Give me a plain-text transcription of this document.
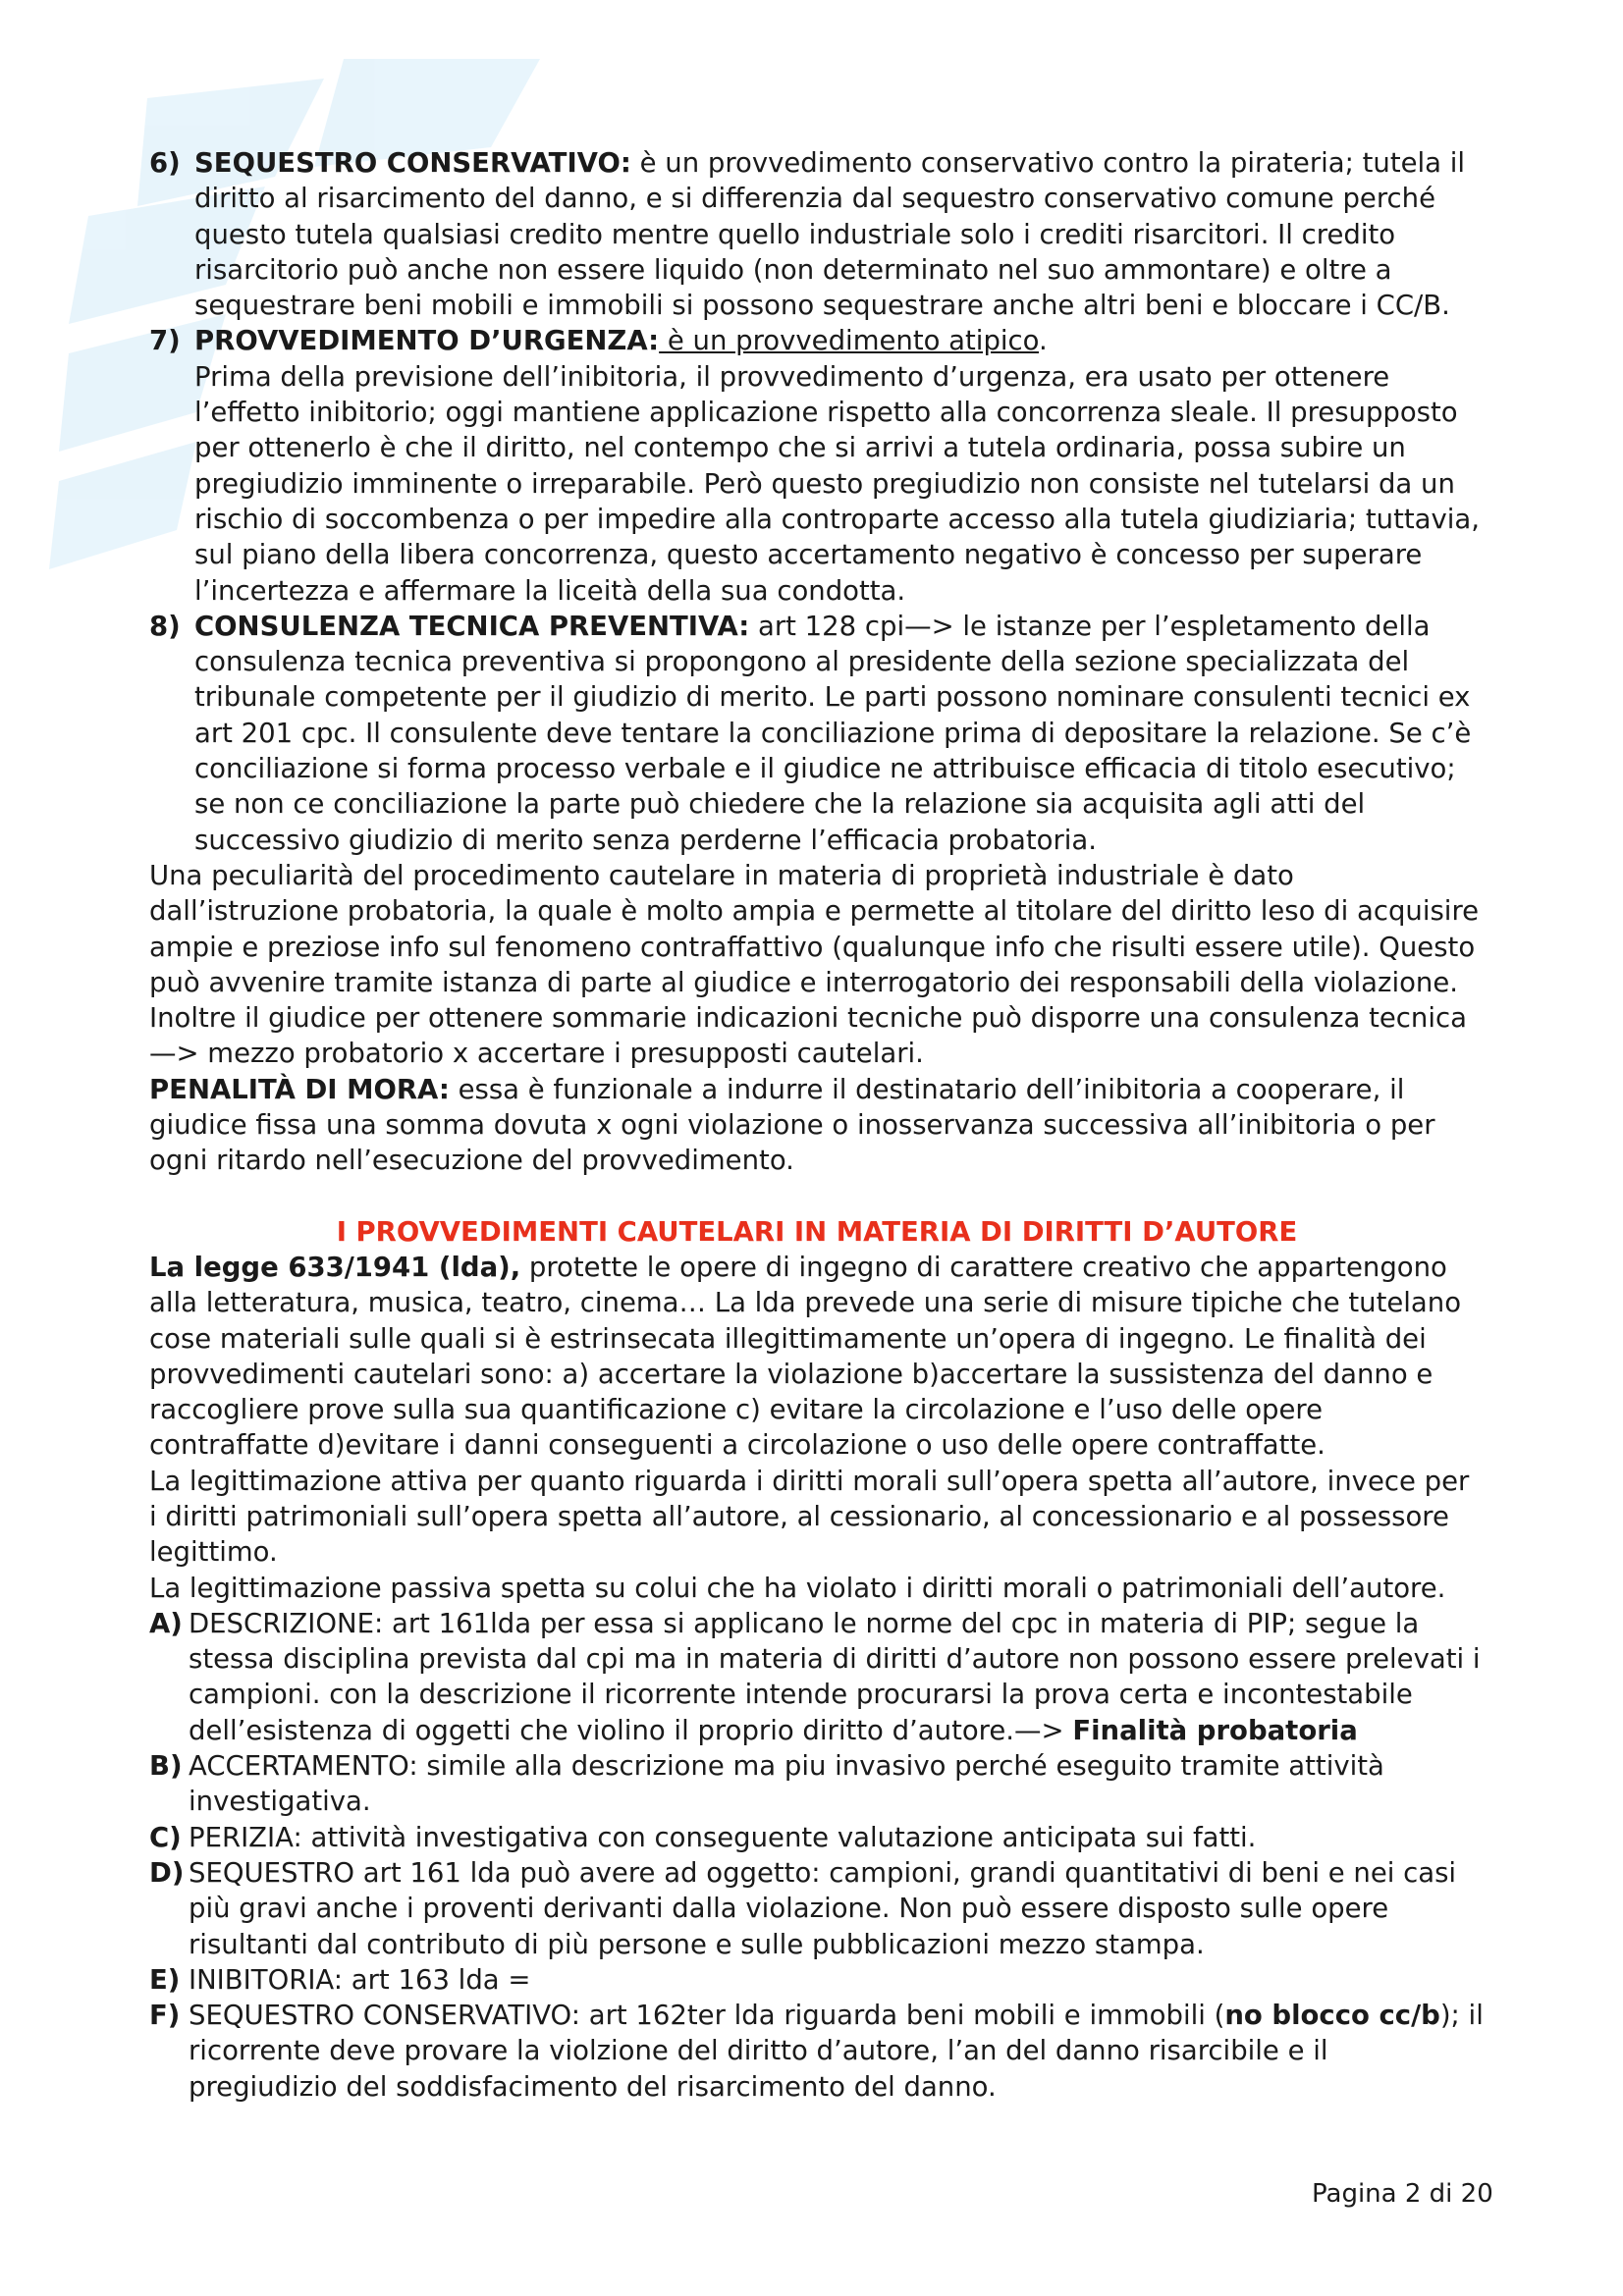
6) SEQUESTRO CONSERVATIVO: è un provvedimento conservativo contro la pirateria; tutela il diritto al risarcimento del danno, e si differenzia dal sequestro conservativo comune perché questo tutela qualsiasi credito mentre quello industriale solo i crediti risarcitori. Il credito risarcitorio può anche non essere liquido (non determinato nel suo ammontare) e oltre a sequestrare beni mobili e immobili si possono sequestrare anche altri beni e bloccare i CC/B.

7) PROVVEDIMENTO D’URGENZA: è un provvedimento atipico.

Prima della previsione dell’inibitoria, il provvedimento d’urgenza, era usato per ottenere l’effetto inibitorio; oggi mantiene applicazione rispetto alla concorrenza sleale. Il presupposto per ottenerlo è che il diritto, nel contempo che si arrivi a tutela ordinaria, possa subire un pregiudizio imminente o irreparabile. Però questo pregiudizio non consiste nel tutelarsi da un rischio di soccombenza o per impedire alla controparte accesso alla tutela giudiziaria; tuttavia, sul piano della libera concorrenza, questo accertamento negativo è concesso per superare l’incertezza e affermare la liceità della sua condotta.

8) CONSULENZA TECNICA PREVENTIVA: art 128 cpi—> le istanze per l’espletamento della consulenza tecnica preventiva si propongono al presidente della sezione specializzata del tribunale competente per il giudizio di merito. Le parti possono nominare consulenti tecnici ex art 201 cpc. Il consulente deve tentare la conciliazione prima di depositare la relazione. Se c’è conciliazione si forma processo verbale e il giudice ne attribuisce efficacia di titolo esecutivo; se non ce conciliazione la parte può chiedere che la relazione sia acquisita agli atti del successivo giudizio di merito senza perderne l’efficacia probatoria.

Una peculiarità del procedimento cautelare in materia di proprietà industriale è dato dall’istruzione probatoria, la quale è molto ampia e permette al titolare del diritto leso di acquisire ampie e preziose info sul fenomeno contraffattivo (qualunque info che risulti essere utile). Questo può avvenire tramite istanza di parte al giudice e interrogatorio dei responsabili della violazione. Inoltre il giudice per ottenere sommarie indicazioni tecniche può disporre una consulenza tecnica—> mezzo probatorio x accertare i presupposti cautelari.

PENALITÀ DI MORA: essa è funzionale a indurre il destinatario dell’inibitoria a cooperare, il giudice fissa una somma dovuta x ogni violazione o inosservanza successiva all’inibitoria o per ogni ritardo nell’esecuzione del provvedimento.

I PROVVEDIMENTI CAUTELARI IN MATERIA DI DIRITTI D’AUTORE

La legge 633/1941 (lda), protette le opere di ingegno di carattere creativo che appartengono alla letteratura, musica, teatro, cinema… La lda prevede una serie di misure tipiche che tutelano cose materiali sulle quali si è estrinsecata illegittimamente un’opera di ingegno. Le finalità dei provvedimenti cautelari sono: a) accertare la violazione b)accertare la sussistenza del danno e raccogliere prove sulla sua quantificazione c) evitare la circolazione e l’uso delle opere contraffatte d)evitare i danni conseguenti a circolazione o uso delle opere contraffatte.

La legittimazione attiva per quanto riguarda i diritti morali sull’opera spetta all’autore, invece per i diritti patrimoniali sull’opera spetta all’autore, al cessionario, al concessionario e al possessore legittimo.

La legittimazione passiva spetta su colui che ha violato i diritti morali o patrimoniali dell’autore.

A) DESCRIZIONE: art 161lda per essa si applicano le norme del cpc in materia di PIP; segue la stessa disciplina prevista dal cpi ma in materia di diritti d’autore non possono essere prelevati i campioni. con la descrizione il ricorrente intende procurarsi la prova certa e incontestabile dell’esistenza di oggetti che violino il proprio diritto d’autore.—> Finalità probatoria

B) ACCERTAMENTO: simile alla descrizione ma piu invasivo perché eseguito tramite attività investigativa.

C) PERIZIA: attività investigativa con conseguente valutazione anticipata sui fatti.

D) SEQUESTRO art 161 lda può avere ad oggetto: campioni, grandi quantitativi di beni e nei casi più gravi anche i proventi derivanti dalla violazione. Non può essere disposto sulle opere risultanti dal contributo di più persone e sulle pubblicazioni mezzo stampa.

E) INIBITORIA: art 163 lda =

F) SEQUESTRO CONSERVATIVO: art 162ter lda riguarda beni mobili e immobili (no blocco cc/b); il ricorrente deve provare la violzione del diritto d’autore, l’an del danno risarcibile e il pregiudizio del soddisfacimento del risarcimento del danno.

Pagina 2 di 20
